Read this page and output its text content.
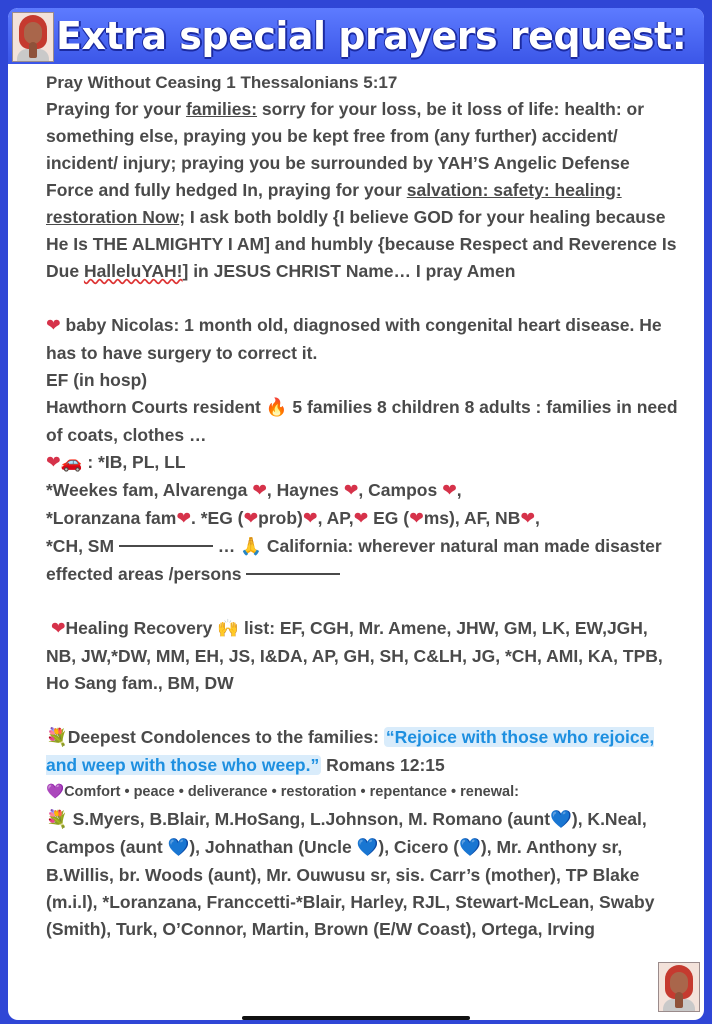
Extra special prayers request:

Pray Without Ceasing 1 Thessalonians 5:17

Praying for your families: sorry for your loss, be it loss of life: health: or something else, praying you be kept free from (any further) accident/ incident/ injury; praying you be surrounded by YAH’S Angelic Defense Force and fully hedged In, praying for your salvation: safety: healing: restoration Now; I ask both boldly {I believe GOD for your healing because He Is THE ALMIGHTY I AM] and humbly {because Respect and Reverence Is Due HalleluYAH!] in JESUS CHRIST Name… I pray Amen

❤ baby Nicolas: 1 month old, diagnosed with congenital heart disease. He has to have surgery to correct it.

EF (in hosp)

Hawthorn Courts resident 🔥 5 families 8 children 8 adults : families in need of coats, clothes …

❤🚗 : *IB, PL, LL

*Weekes fam, Alvarenga ❤, Haynes ❤, Campos ❤,
*Loranzana fam❤. *EG (❤prob)❤, AP,❤ EG (❤ms), AF, NB❤,
*CH, SM	… 🙏 California: wherever natural man made disaster effected areas /persons

❤Healing Recovery 🙌 list: EF, CGH, Mr. Amene, JHW, GM, LK, EW,JGH, NB, JW,*DW, MM, EH, JS, I&DA, AP, GH, SH, C&LH, JG, *CH, AMI, KA, TPB, Ho Sang fam., BM, DW

💐Deepest Condolences to the families: “Rejoice with those who rejoice, and weep with those who weep.” Romans 12:15

💜Comfort • peace • deliverance • restoration • repentance • renewal:

💐 S.Myers, B.Blair, M.HoSang, L.Johnson, M. Romano (aunt💙), K.Neal, Campos (aunt 💙), Johnathan (Uncle 💙), Cicero (💙), Mr. Anthony sr, B.Willis, br. Woods (aunt), Mr. Ouwusu sr, sis. Carr’s (mother), TP Blake (m.i.l), *Loranzana, Franccetti-*Blair, Harley, RJL, Stewart-McLean, Swaby (Smith), Turk, O’Connor, Martin, Brown (E/W Coast), Ortega, Irving
